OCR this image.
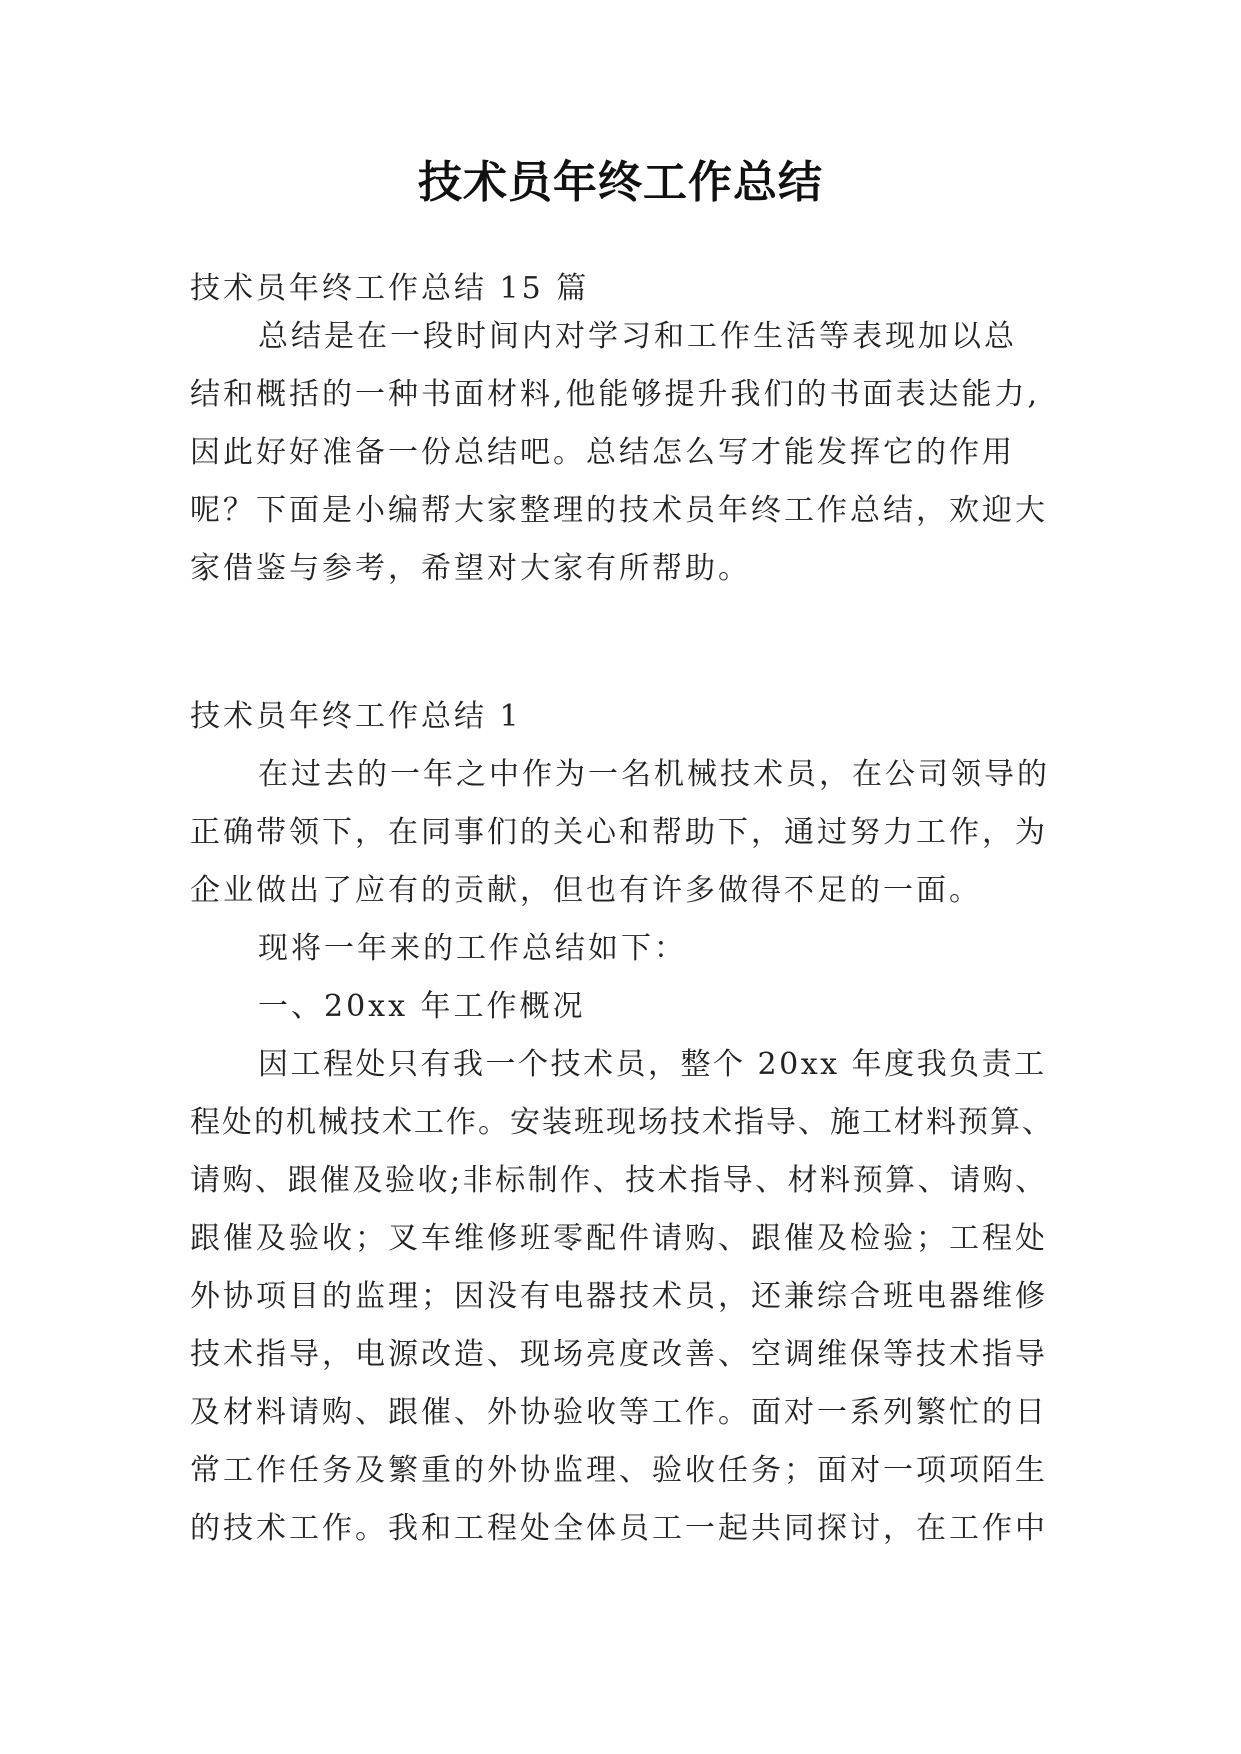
技术员年终工作总结

技术员年终工作总结 15 篇

总结是在一段时间内对学习和工作生活等表现加以总
结和概括的一种书面材料,他能够提升我们的书面表达能力,
因此好好准备一份总结吧。总结怎么写才能发挥它的作用
呢？下面是小编帮大家整理的技术员年终工作总结，欢迎大
家借鉴与参考，希望对大家有所帮助。

技术员年终工作总结 1

在过去的一年之中作为一名机械技术员，在公司领导的
正确带领下，在同事们的关心和帮助下，通过努力工作，为
企业做出了应有的贡献，但也有许多做得不足的一面。
现将一年来的工作总结如下：
一、20xx 年工作概况
因工程处只有我一个技术员，整个 20xx 年度我负责工
程处的机械技术工作。安装班现场技术指导、施工材料预算、
请购、跟催及验收;非标制作、技术指导、材料预算、请购、
跟催及验收；叉车维修班零配件请购、跟催及检验；工程处
外协项目的监理；因没有电器技术员，还兼综合班电器维修
技术指导，电源改造、现场亮度改善、空调维保等技术指导
及材料请购、跟催、外协验收等工作。面对一系列繁忙的日
常工作任务及繁重的外协监理、验收任务；面对一项项陌生
的技术工作。我和工程处全体员工一起共同探讨，在工作中
